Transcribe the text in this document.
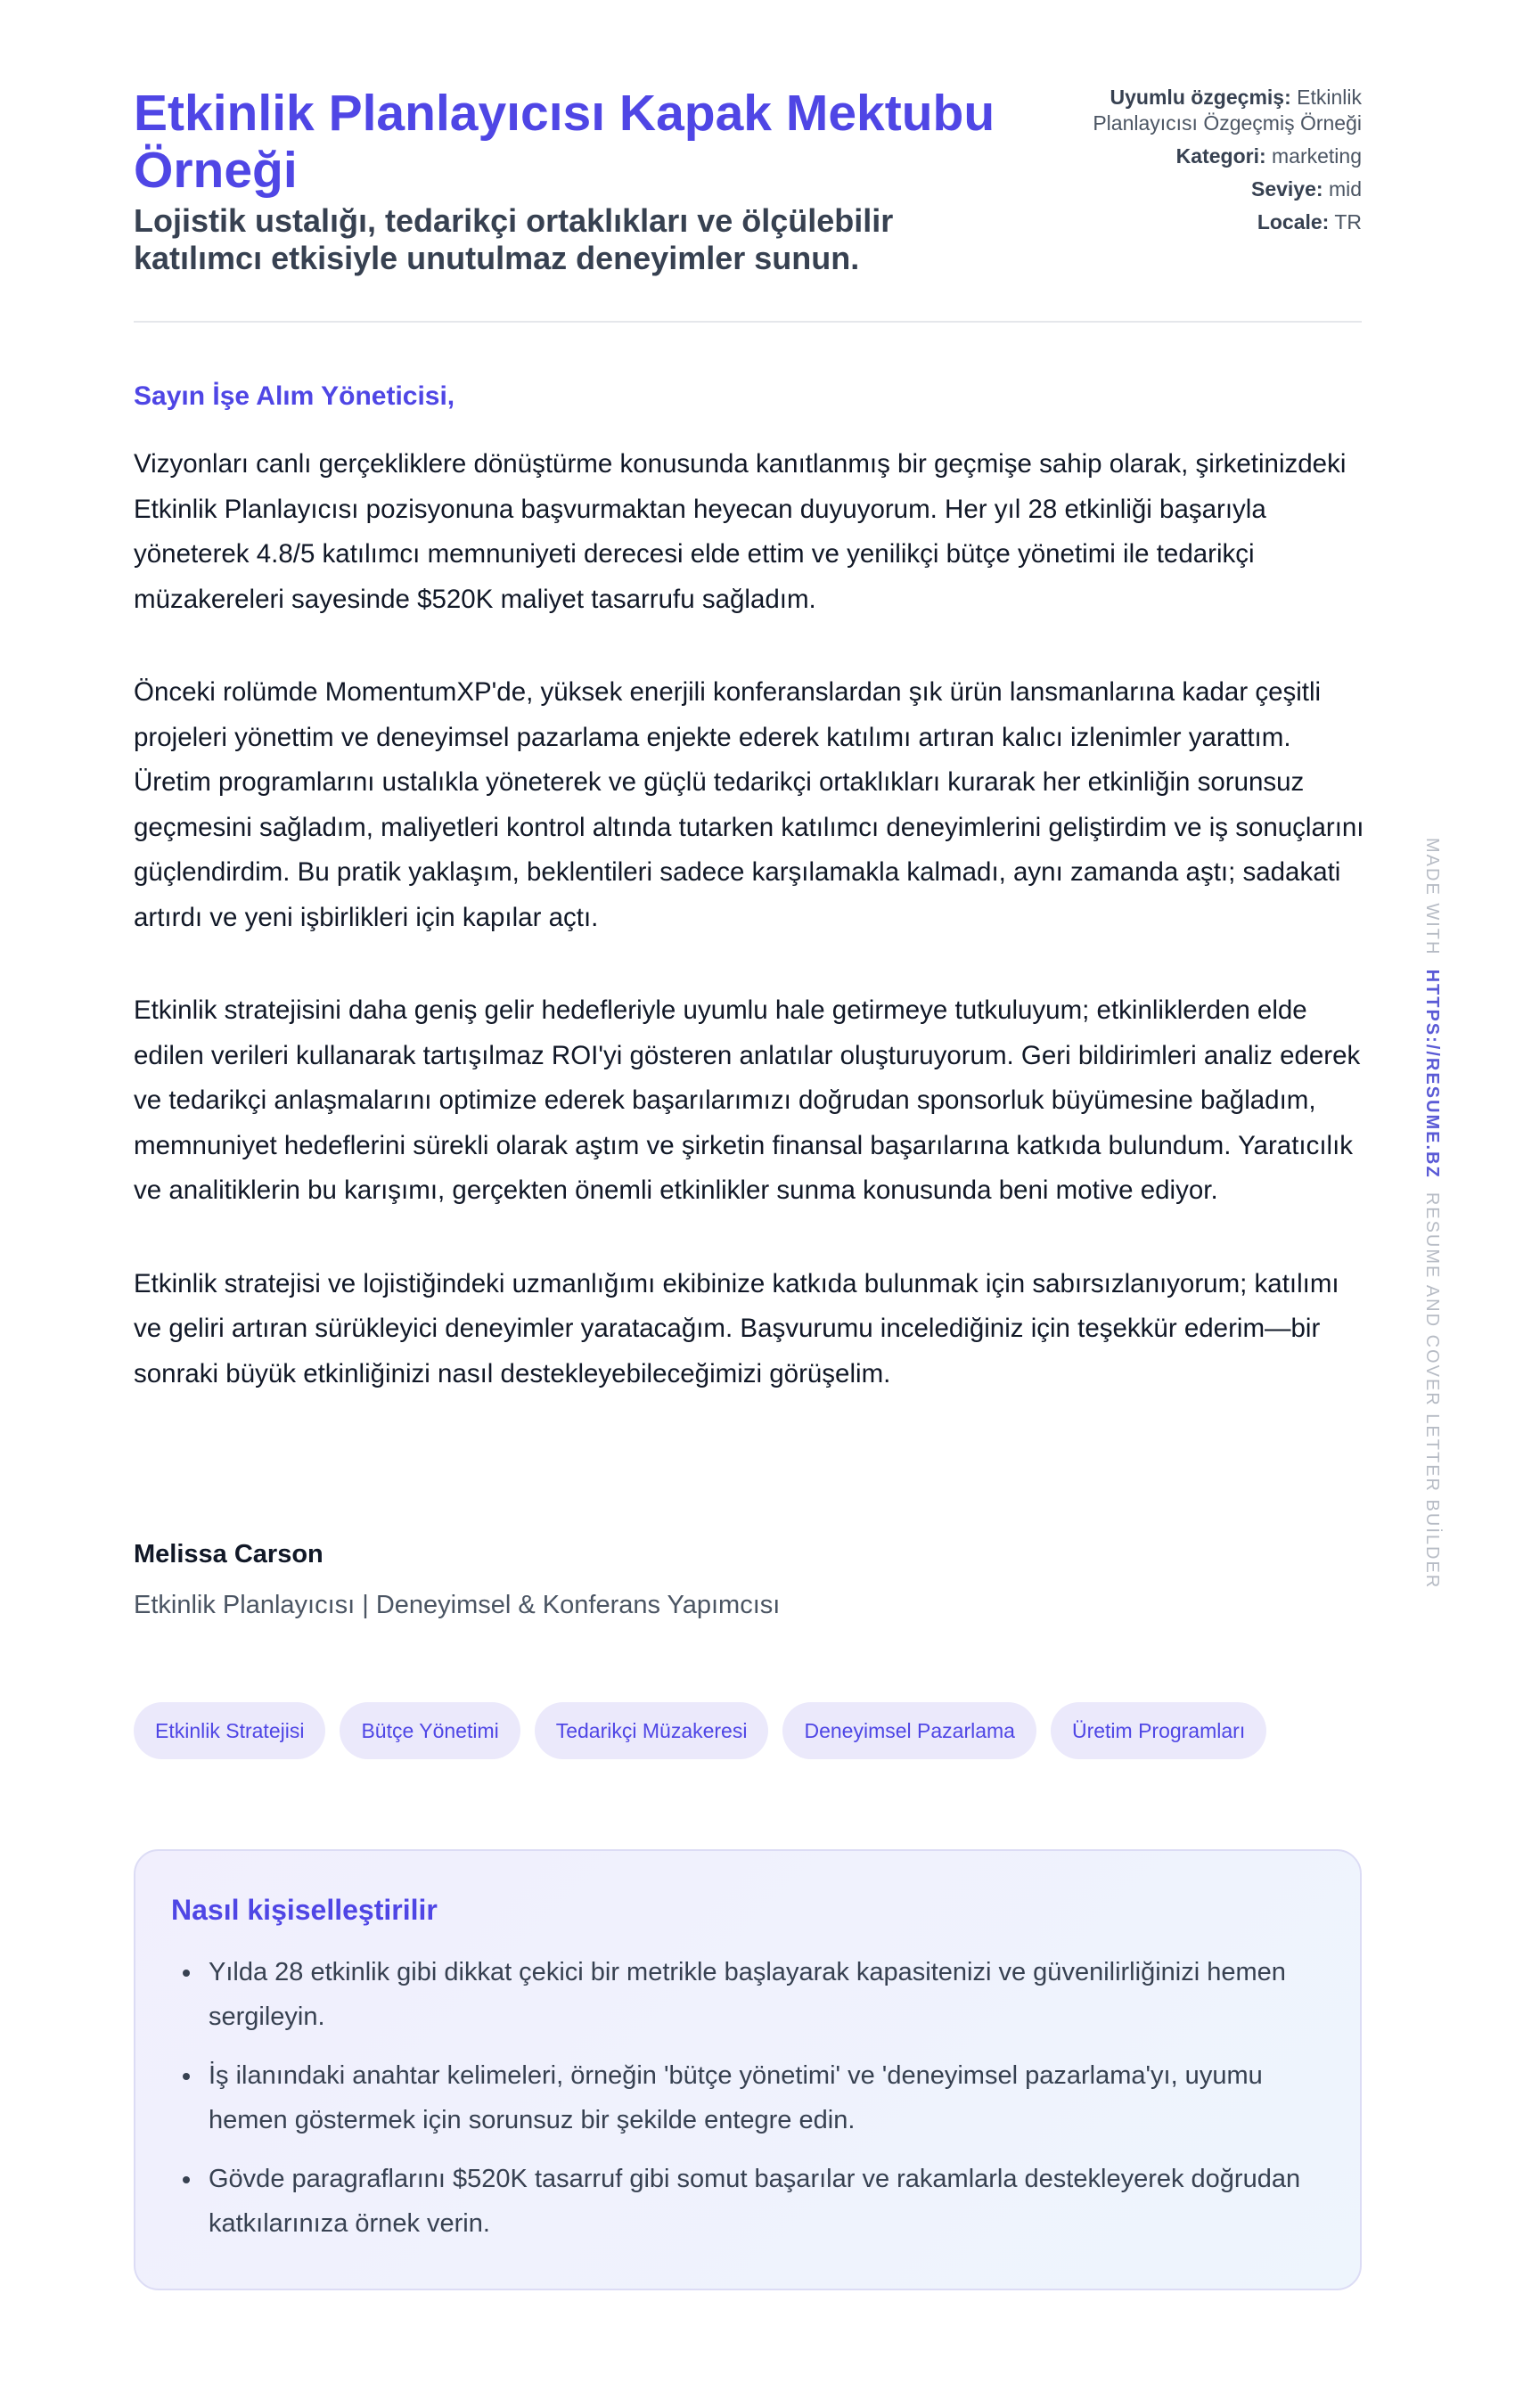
Etkinlik Planlayıcısı Kapak Mektubu Örneği
Lojistik ustalığı, tedarikçi ortaklıkları ve ölçülebilir katılımcı etkisiyle unutulmaz deneyimler sunun.
Uyumlu özgeçmiş: Etkinlik Planlayıcısı Özgeçmiş Örneği
Kategori: marketing
Seviye: mid
Locale: TR
Sayın İşe Alım Yöneticisi,

Vizyonları canlı gerçekliklere dönüştürme konusunda kanıtlanmış bir geçmişe sahip olarak, şirketinizdeki Etkinlik Planlayıcısı pozisyonuna başvurmaktan heyecan duyuyorum. Her yıl 28 etkinliği başarıyla yöneterek 4.8/5 katılımcı memnuniyeti derecesi elde ettim ve yenilikçi bütçe yönetimi ile tedarikçi müzakereleri sayesinde $520K maliyet tasarrufu sağladım.

Önceki rolümde MomentumXP'de, yüksek enerjili konferanslardan şık ürün lansmanlarına kadar çeşitli projeleri yönettim ve deneyimsel pazarlama enjekte ederek katılımı artıran kalıcı izlenimler yarattım. Üretim programlarını ustalıkla yöneterek ve güçlü tedarikçi ortaklıkları kurarak her etkinliğin sorunsuz geçmesini sağladım, maliyetleri kontrol altında tutarken katılımcı deneyimlerini geliştirdim ve iş sonuçlarını güçlendirdim. Bu pratik yaklaşım, beklentileri sadece karşılamakla kalmadı, aynı zamanda aştı; sadakati artırdı ve yeni işbirlikleri için kapılar açtı.

Etkinlik stratejisini daha geniş gelir hedefleriyle uyumlu hale getirmeye tutkuluyum; etkinliklerden elde edilen verileri kullanarak tartışılmaz ROI'yi gösteren anlatılar oluşturuyorum. Geri bildirimleri analiz ederek ve tedarikçi anlaşmalarını optimize ederek başarılarımızı doğrudan sponsorluk büyümesine bağladım, memnuniyet hedeflerini sürekli olarak aştım ve şirketin finansal başarılarına katkıda bulundum. Yaratıcılık ve analitiklerin bu karışımı, gerçekten önemli etkinlikler sunma konusunda beni motive ediyor.

Etkinlik stratejisi ve lojistiğindeki uzmanlığımı ekibinize katkıda bulunmak için sabırsızlanıyorum; katılımı ve geliri artıran sürükleyici deneyimler yaratacağım. Başvurumu incelediğiniz için teşekkür ederim—bir sonraki büyük etkinliğinizi nasıl destekleyebileceğimizi görüşelim.

Melissa Carson
Etkinlik Planlayıcısı | Deneyimsel & Konferans Yapımcısı
Etkinlik Stratejisi	Bütçe Yönetimi	Tedarikçi Müzakeresi	Deneyimsel Pazarlama	Üretim Programları
Nasıl kişiselleştirilir
• Yılda 28 etkinlik gibi dikkat çekici bir metrikle başlayarak kapasitenizi ve güvenilirliğinizi hemen sergileyin.
• İş ilanındaki anahtar kelimeleri, örneğin 'bütçe yönetimi' ve 'deneyimsel pazarlama'yı, uyumu hemen göstermek için sorunsuz bir şekilde entegre edin.
• Gövde paragraflarını $520K tasarruf gibi somut başarılar ve rakamlarla destekleyerek doğrudan katkılarınıza örnek verin.
MADE WITH  HTTPS://RESUME.BZ  RESUME AND COVER LETTER BUİLDER
